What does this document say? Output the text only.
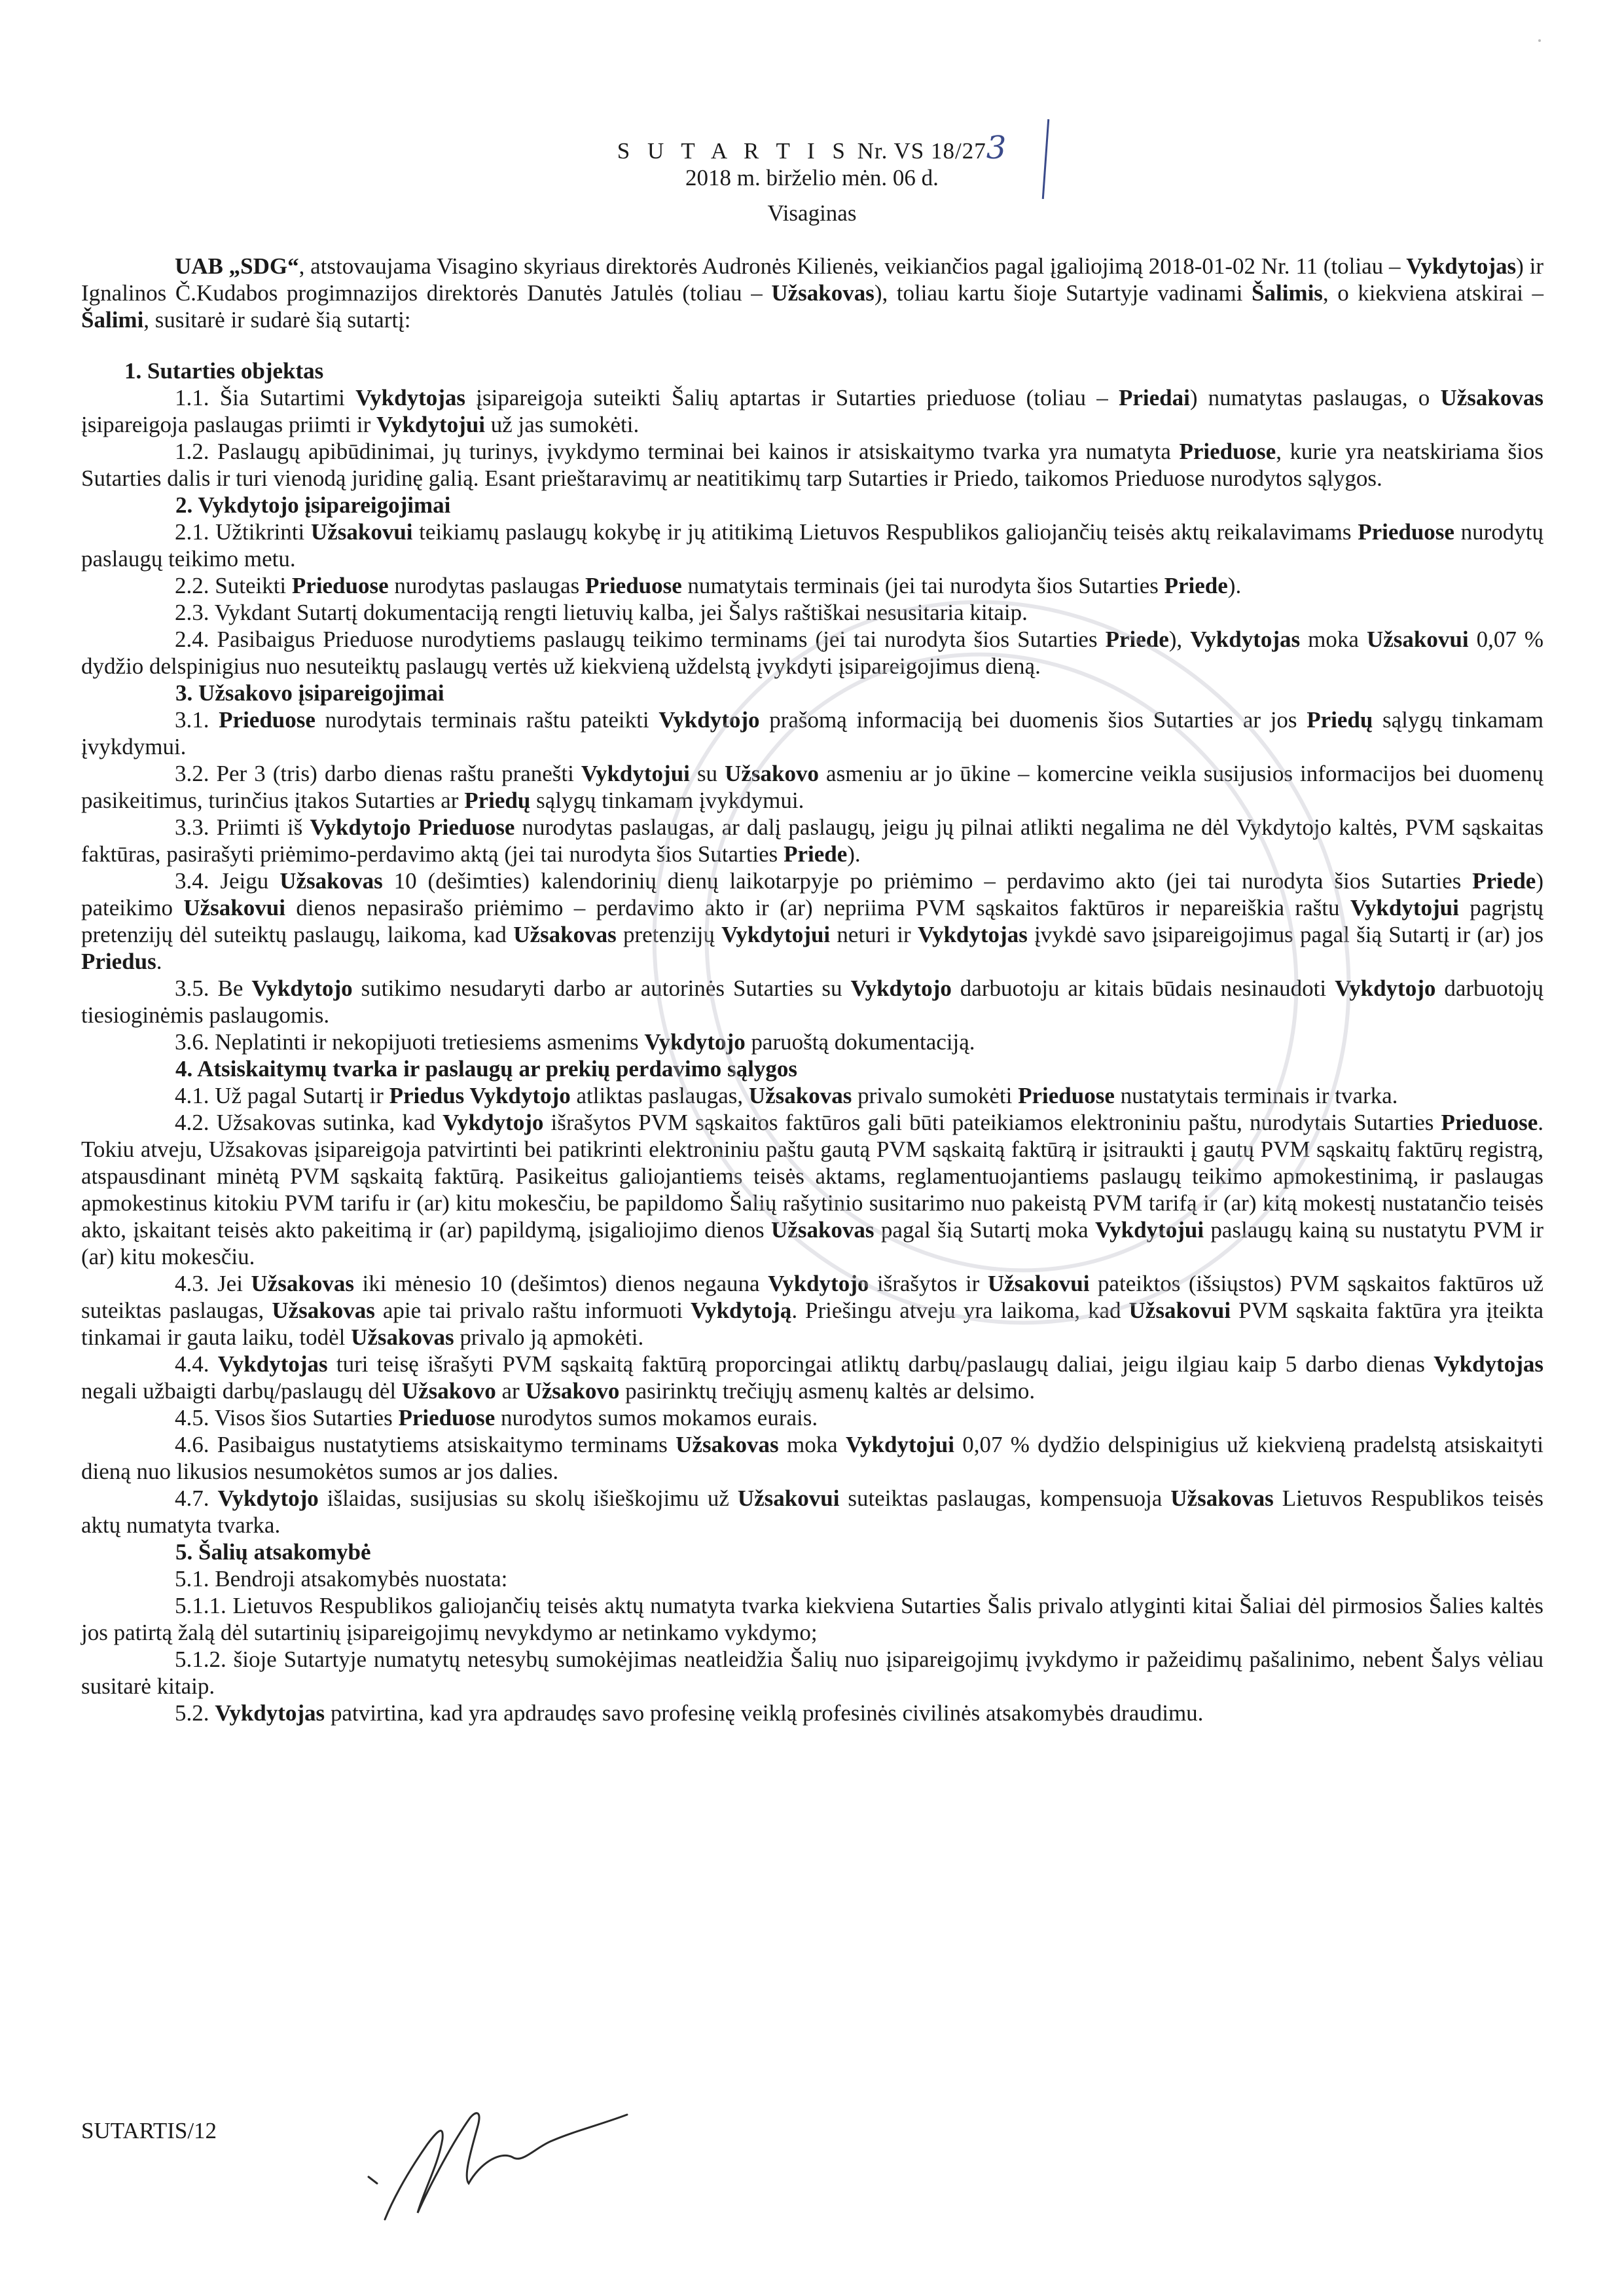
S U T A R T I S Nr. VS 18/273
2018 m. birželio mėn. 06 d.
Visaginas

UAB „SDG“, atstovaujama Visagino skyriaus direktorės Audronės Kilienės, veikiančios pagal įgaliojimą 2018-01-02 Nr. 11 (toliau – Vykdytojas) ir Ignalinos Č.Kudabos progimnazijos direktorės Danutės Jatulės (toliau – Užsakovas), toliau kartu šioje Sutartyje vadinami Šalimis, o kiekviena atskirai – Šalimi, susitarė ir sudarė šią sutartį:

1. Sutarties objektas

1.1. Šia Sutartimi Vykdytojas įsipareigoja suteikti Šalių aptartas ir Sutarties prieduose (toliau – Priedai) numatytas paslaugas, o Užsakovas įsipareigoja paslaugas priimti ir Vykdytojui už jas sumokėti.

1.2. Paslaugų apibūdinimai, jų turinys, įvykdymo terminai bei kainos ir atsiskaitymo tvarka yra numatyta Prieduose, kurie yra neatskiriama šios Sutarties dalis ir turi vienodą juridinę galią. Esant prieštaravimų ar neatitikimų tarp Sutarties ir Priedo, taikomos Prieduose nurodytos sąlygos.

2. Vykdytojo įsipareigojimai

2.1. Užtikrinti Užsakovui teikiamų paslaugų kokybę ir jų atitikimą Lietuvos Respublikos galiojančių teisės aktų reikalavimams Prieduose nurodytų paslaugų teikimo metu.

2.2. Suteikti Prieduose nurodytas paslaugas Prieduose numatytais terminais (jei tai nurodyta šios Sutarties Priede).

2.3. Vykdant Sutartį dokumentaciją rengti lietuvių kalba, jei Šalys raštiškai nesusitaria kitaip.

2.4. Pasibaigus Prieduose nurodytiems paslaugų teikimo terminams (jei tai nurodyta šios Sutarties Priede), Vykdytojas moka Užsakovui 0,07 % dydžio delspinigius nuo nesuteiktų paslaugų vertės už kiekvieną uždelstą įvykdyti įsipareigojimus dieną.

3. Užsakovo įsipareigojimai

3.1. Prieduose nurodytais terminais raštu pateikti Vykdytojo prašomą informaciją bei duomenis šios Sutarties ar jos Priedų sąlygų tinkamam įvykdymui.

3.2. Per 3 (tris) darbo dienas raštu pranešti Vykdytojui su Užsakovo asmeniu ar jo ūkine – komercine veikla susijusios informacijos bei duomenų pasikeitimus, turinčius įtakos Sutarties ar Priedų sąlygų tinkamam įvykdymui.

3.3. Priimti iš Vykdytojo Prieduose nurodytas paslaugas, ar dalį paslaugų, jeigu jų pilnai atlikti negalima ne dėl Vykdytojo kaltės, PVM sąskaitas faktūras, pasirašyti priėmimo-perdavimo aktą (jei tai nurodyta šios Sutarties Priede).

3.4. Jeigu Užsakovas 10 (dešimties) kalendorinių dienų laikotarpyje po priėmimo – perdavimo akto (jei tai nurodyta šios Sutarties Priede) pateikimo Užsakovui dienos nepasirašo priėmimo – perdavimo akto ir (ar) nepriima PVM sąskaitos faktūros ir nepareiškia raštu Vykdytojui pagrįstų pretenzijų dėl suteiktų paslaugų, laikoma, kad Užsakovas pretenzijų Vykdytojui neturi ir Vykdytojas įvykdė savo įsipareigojimus pagal šią Sutartį ir (ar) jos Priedus.

3.5. Be Vykdytojo sutikimo nesudaryti darbo ar autorinės Sutarties su Vykdytojo darbuotoju ar kitais būdais nesinaudoti Vykdytojo darbuotojų tiesioginėmis paslaugomis.

3.6. Neplatinti ir nekopijuoti tretiesiems asmenims Vykdytojo paruoštą dokumentaciją.

4. Atsiskaitymų tvarka ir paslaugų ar prekių perdavimo sąlygos

4.1. Už pagal Sutartį ir Priedus Vykdytojo atliktas paslaugas, Užsakovas privalo sumokėti Prieduose nustatytais terminais ir tvarka.

4.2. Užsakovas sutinka, kad Vykdytojo išrašytos PVM sąskaitos faktūros gali būti pateikiamos elektroniniu paštu, nurodytais Sutarties Prieduose. Tokiu atveju, Užsakovas įsipareigoja patvirtinti bei patikrinti elektroniniu paštu gautą PVM sąskaitą faktūrą ir įsitraukti į gautų PVM sąskaitų faktūrų registrą, atspausdinant minėtą PVM sąskaitą faktūrą. Pasikeitus galiojantiems teisės aktams, reglamentuojantiems paslaugų teikimo apmokestinimą, ir paslaugas apmokestinus kitokiu PVM tarifu ir (ar) kitu mokesčiu, be papildomo Šalių rašytinio susitarimo nuo pakeistą PVM tarifą ir (ar) kitą mokestį nustatančio teisės akto, įskaitant teisės akto pakeitimą ir (ar) papildymą, įsigaliojimo dienos Užsakovas pagal šią Sutartį moka Vykdytojui paslaugų kainą su nustatytu PVM ir (ar) kitu mokesčiu.

4.3. Jei Užsakovas iki mėnesio 10 (dešimtos) dienos negauna Vykdytojo išrašytos ir Užsakovui pateiktos (išsiųstos) PVM sąskaitos faktūros už suteiktas paslaugas, Užsakovas apie tai privalo raštu informuoti Vykdytoją. Priešingu atveju yra laikoma, kad Užsakovui PVM sąskaita faktūra yra įteikta tinkamai ir gauta laiku, todėl Užsakovas privalo ją apmokėti.

4.4. Vykdytojas turi teisę išrašyti PVM sąskaitą faktūrą proporcingai atliktų darbų/paslaugų daliai, jeigu ilgiau kaip 5 darbo dienas Vykdytojas negali užbaigti darbų/paslaugų dėl Užsakovo ar Užsakovo pasirinktų trečiųjų asmenų kaltės ar delsimo.

4.5. Visos šios Sutarties Prieduose nurodytos sumos mokamos eurais.

4.6. Pasibaigus nustatytiems atsiskaitymo terminams Užsakovas moka Vykdytojui 0,07 % dydžio delspinigius už kiekvieną pradelstą atsiskaityti dieną nuo likusios nesumokėtos sumos ar jos dalies.

4.7. Vykdytojo išlaidas, susijusias su skolų išieškojimu už Užsakovui suteiktas paslaugas, kompensuoja Užsakovas Lietuvos Respublikos teisės aktų numatyta tvarka.

5. Šalių atsakomybė

5.1. Bendroji atsakomybės nuostata:

5.1.1. Lietuvos Respublikos galiojančių teisės aktų numatyta tvarka kiekviena Sutarties Šalis privalo atlyginti kitai Šaliai dėl pirmosios Šalies kaltės jos patirtą žalą dėl sutartinių įsipareigojimų nevykdymo ar netinkamo vykdymo;

5.1.2. šioje Sutartyje numatytų netesybų sumokėjimas neatleidžia Šalių nuo įsipareigojimų įvykdymo ir pažeidimų pašalinimo, nebent Šalys vėliau susitarė kitaip.

5.2. Vykdytojas patvirtina, kad yra apdraudęs savo profesinę veiklą profesinės civilinės atsakomybės draudimu.

SUTARTIS/12
